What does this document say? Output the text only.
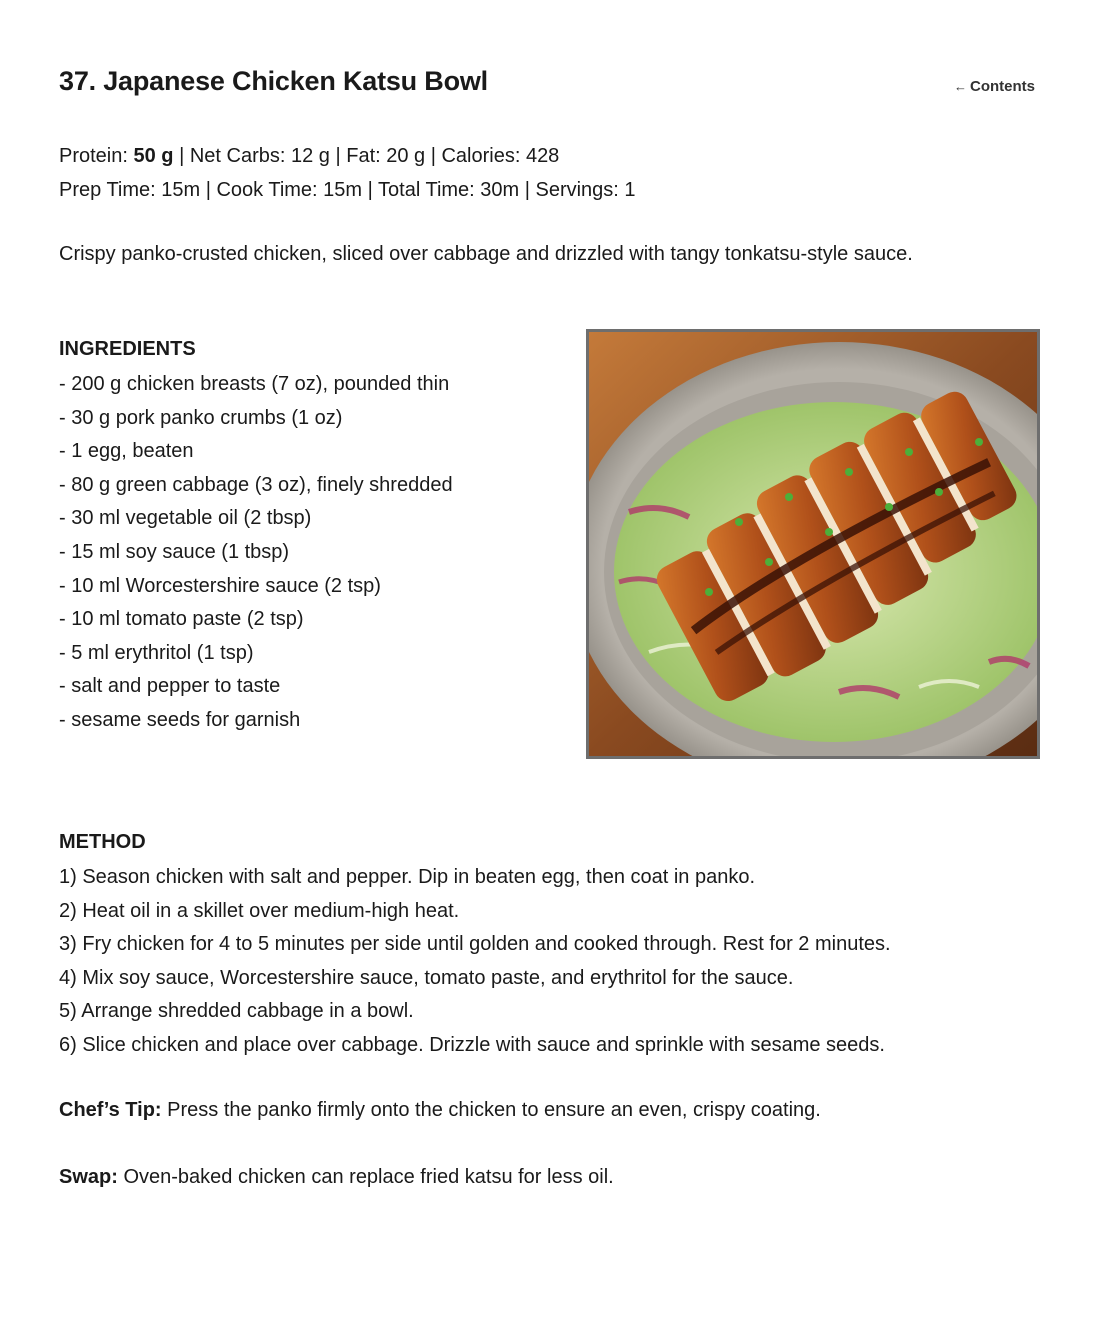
37. Japanese Chicken Katsu Bowl	← Contents
Protein: 50 g | Net Carbs: 12 g | Fat: 20 g | Calories: 428
Prep Time: 15m | Cook Time: 15m | Total Time: 30m | Servings: 1
Crispy panko-crusted chicken, sliced over cabbage and drizzled with tangy tonkatsu-style sauce.
INGREDIENTS
- 200 g chicken breasts (7 oz), pounded thin
- 30 g pork panko crumbs (1 oz)
- 1 egg, beaten
- 80 g green cabbage (3 oz), finely shredded
- 30 ml vegetable oil (2 tbsp)
- 15 ml soy sauce (1 tbsp)
- 10 ml Worcestershire sauce (2 tsp)
- 10 ml tomato paste (2 tsp)
- 5 ml erythritol (1 tsp)
- salt and pepper to taste
- sesame seeds for garnish
METHOD
1) Season chicken with salt and pepper. Dip in beaten egg, then coat in panko.
2) Heat oil in a skillet over medium-high heat.
3) Fry chicken for 4 to 5 minutes per side until golden and cooked through. Rest for 2 minutes.
4) Mix soy sauce, Worcestershire sauce, tomato paste, and erythritol for the sauce.
5) Arrange shredded cabbage in a bowl.
6) Slice chicken and place over cabbage. Drizzle with sauce and sprinkle with sesame seeds.
Chef’s Tip: Press the panko firmly onto the chicken to ensure an even, crispy coating.
Swap: Oven-baked chicken can replace fried katsu for less oil.
